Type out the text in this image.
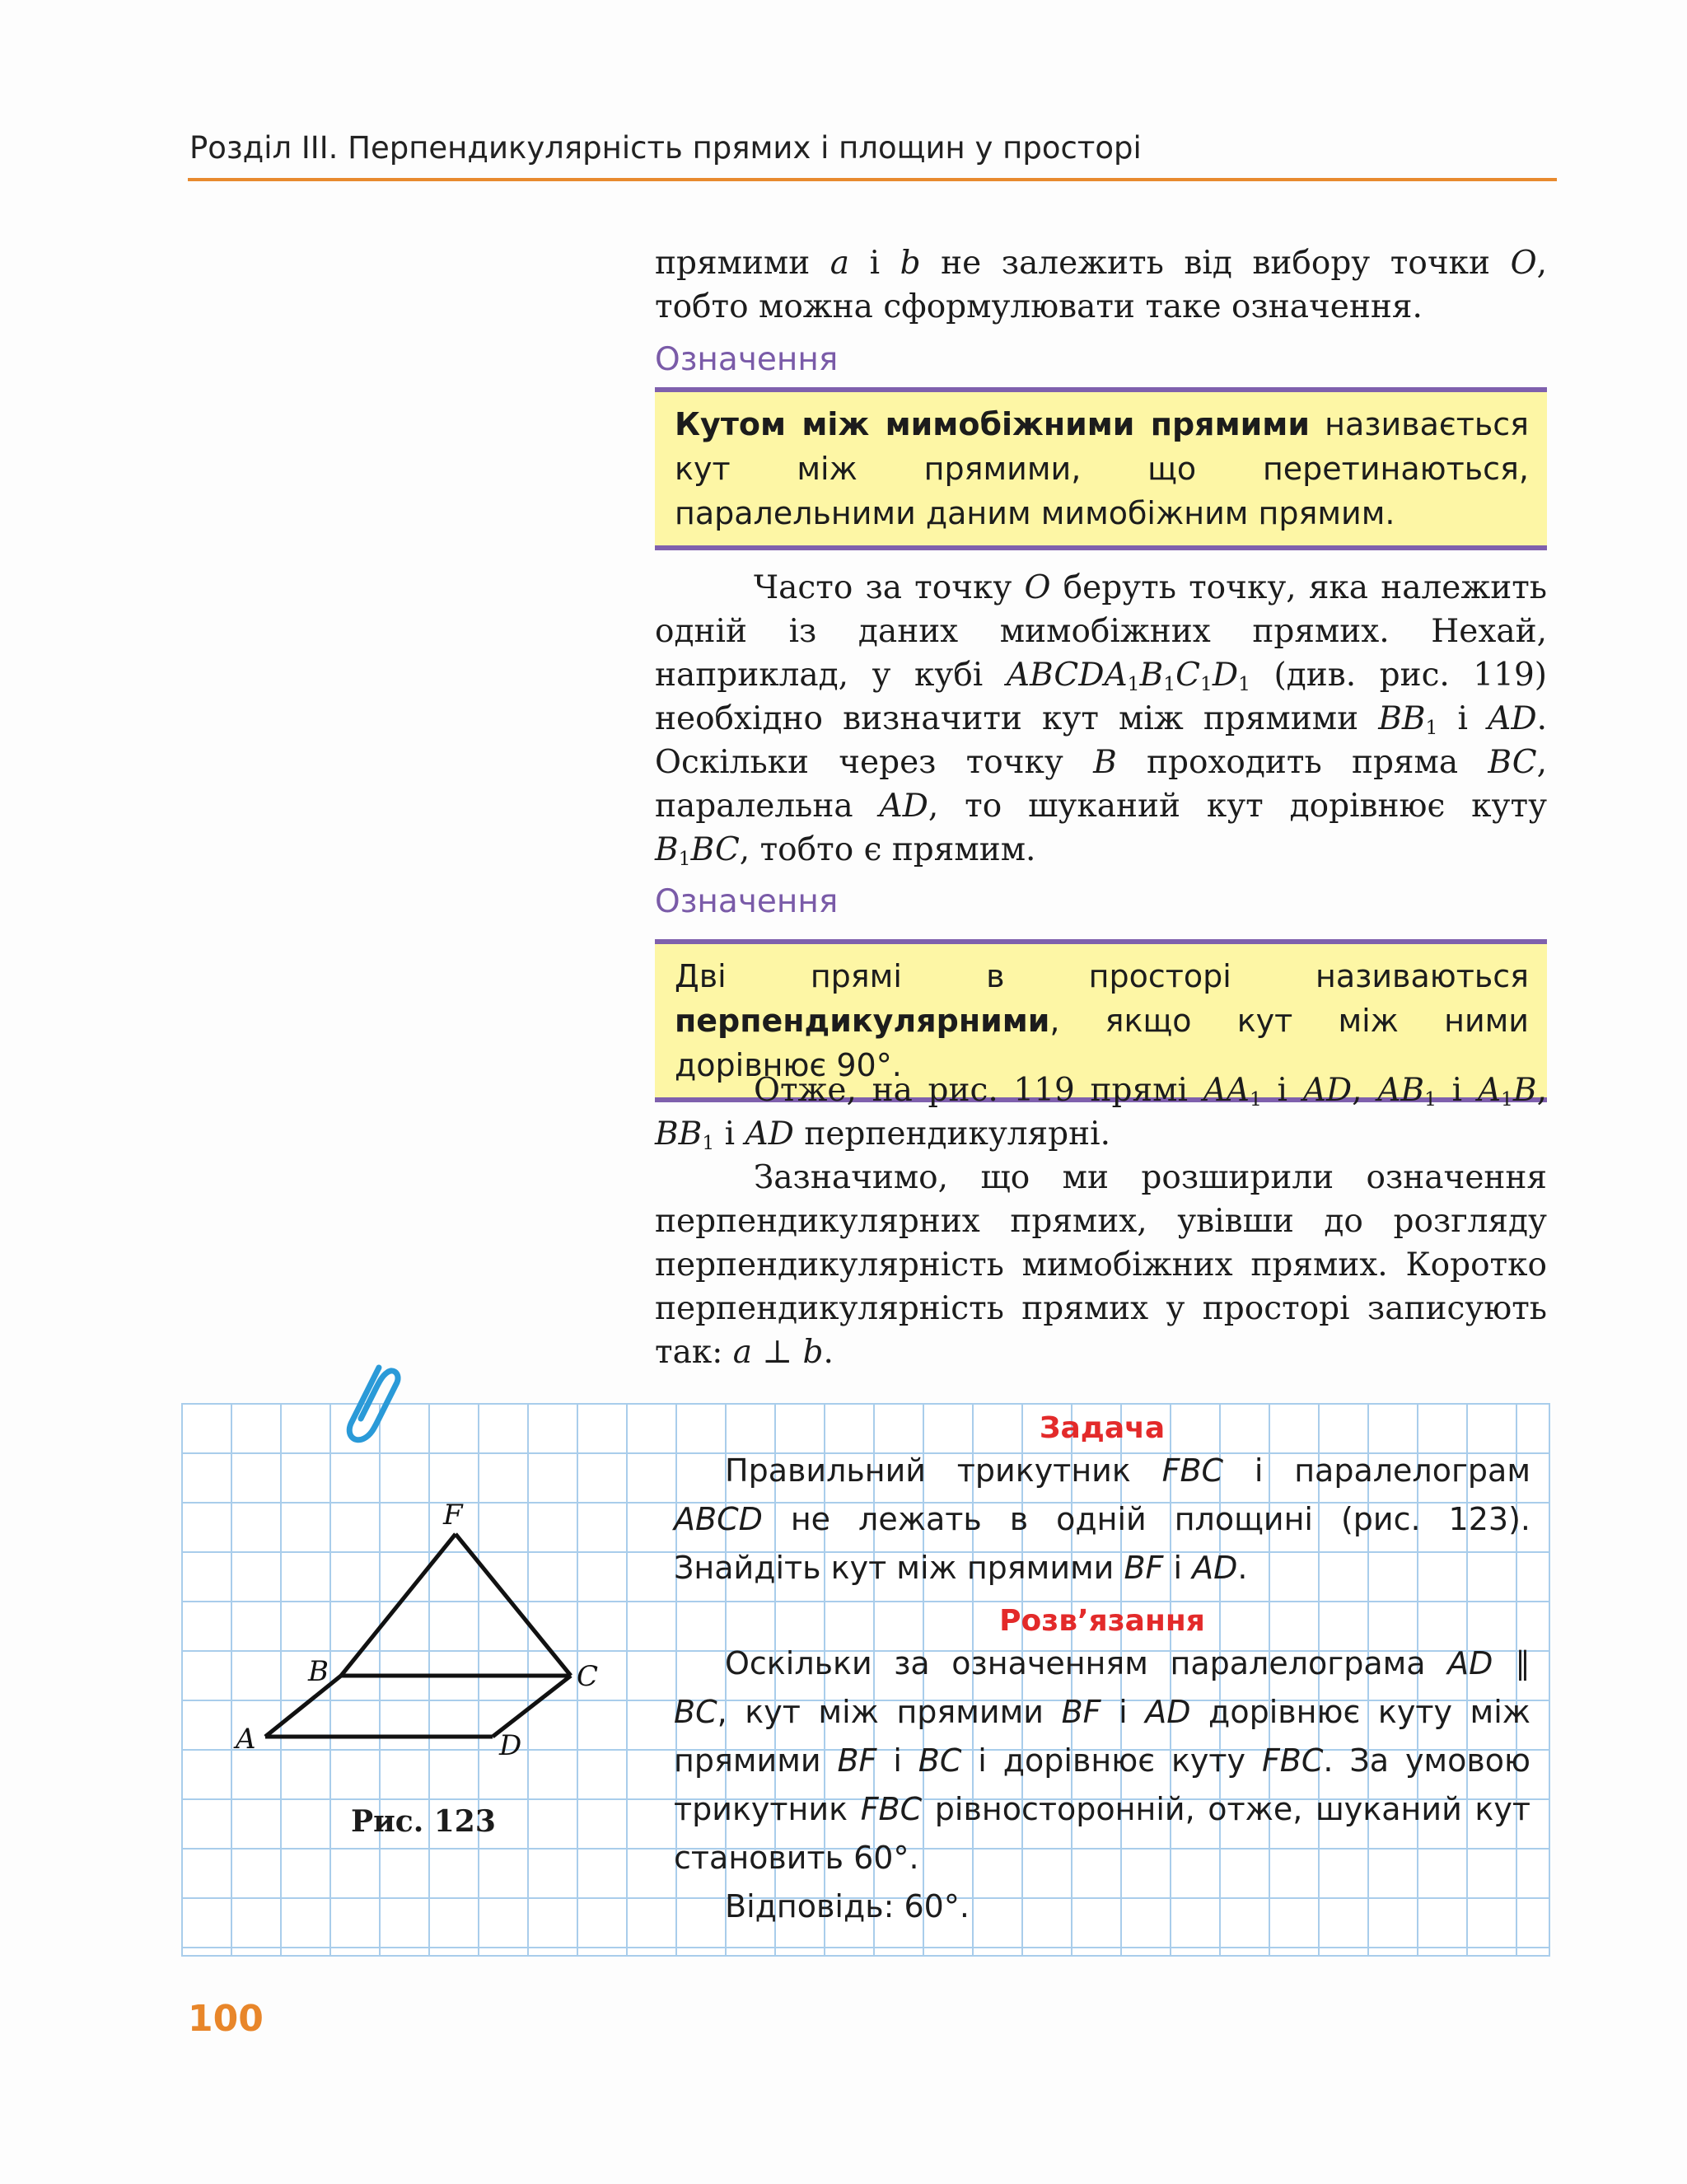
Розділ ІІІ. Перпендикулярність прямих і площин у просторі
прямими a і b не залежить від вибору точки O, тобто можна сформулювати таке означення.
Означення
Кутом між мимобіжними прямими називається кут між прямими, що перетинаються, паралельними даним мимобіжним прямим.
Часто за точку O беруть точку, яка належить одній із даних мимобіжних прямих. Нехай, наприклад, у кубі $ABCDA_1B_1C_1D_1$ (див. рис. 119) необхідно визначити кут між прямими $BB_1$ і AD. Оскільки через точку B проходить пряма BC, паралельна AD, то шуканий кут дорівнює куту $B_1BC$, тобто є прямим.
Означення
Дві прямі в просторі називаються перпендикулярними, якщо кут між ними дорівнює 90°.
Отже, на рис. 119 прямі $AA_1$ і AD, $AB_1$ і $A_1B$, $BB_1$ і AD перпендикулярні.
Зазначимо, що ми розширили означення перпендикулярних прямих, увівши до розгляду перпендикулярність мимобіжних прямих. Коротко перпендикулярність прямих у просторі записують так: a ⊥ b.
F
B	C
A	D
Рис. 123
Задача
Правильний трикутник FBC і паралелограм ABCD не лежать в одній площині (рис. 123). Знайдіть кут між прямими BF і AD.
Розв’язання
Оскільки за означенням паралелограма AD ∥ BC, кут між прямими BF і AD дорівнює куту між прямими BF і BC і дорівнює куту FBC. За умовою трикутник FBC рівносторонній, отже, шуканий кут становить 60°.
Відповідь: 60°.
100
